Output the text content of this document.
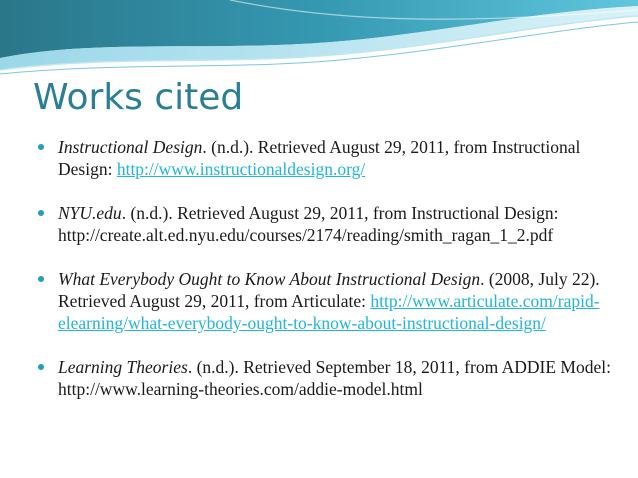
Works cited
Instructional Design. (n.d.). Retrieved August 29, 2011, from Instructional Design: http://www.instructionaldesign.org/
NYU.edu. (n.d.). Retrieved August 29, 2011, from Instructional Design: http://create.alt.ed.nyu.edu/courses/2174/reading/smith_ragan_1_2.pdf
What Everybody Ought to Know About Instructional Design. (2008, July 22). Retrieved August 29, 2011, from Articulate: http://www.articulate.com/rapid-elearning/what-everybody-ought-to-know-about-instructional-design/
Learning Theories. (n.d.). Retrieved September 18, 2011, from ADDIE Model: http://www.learning-theories.com/addie-model.html
